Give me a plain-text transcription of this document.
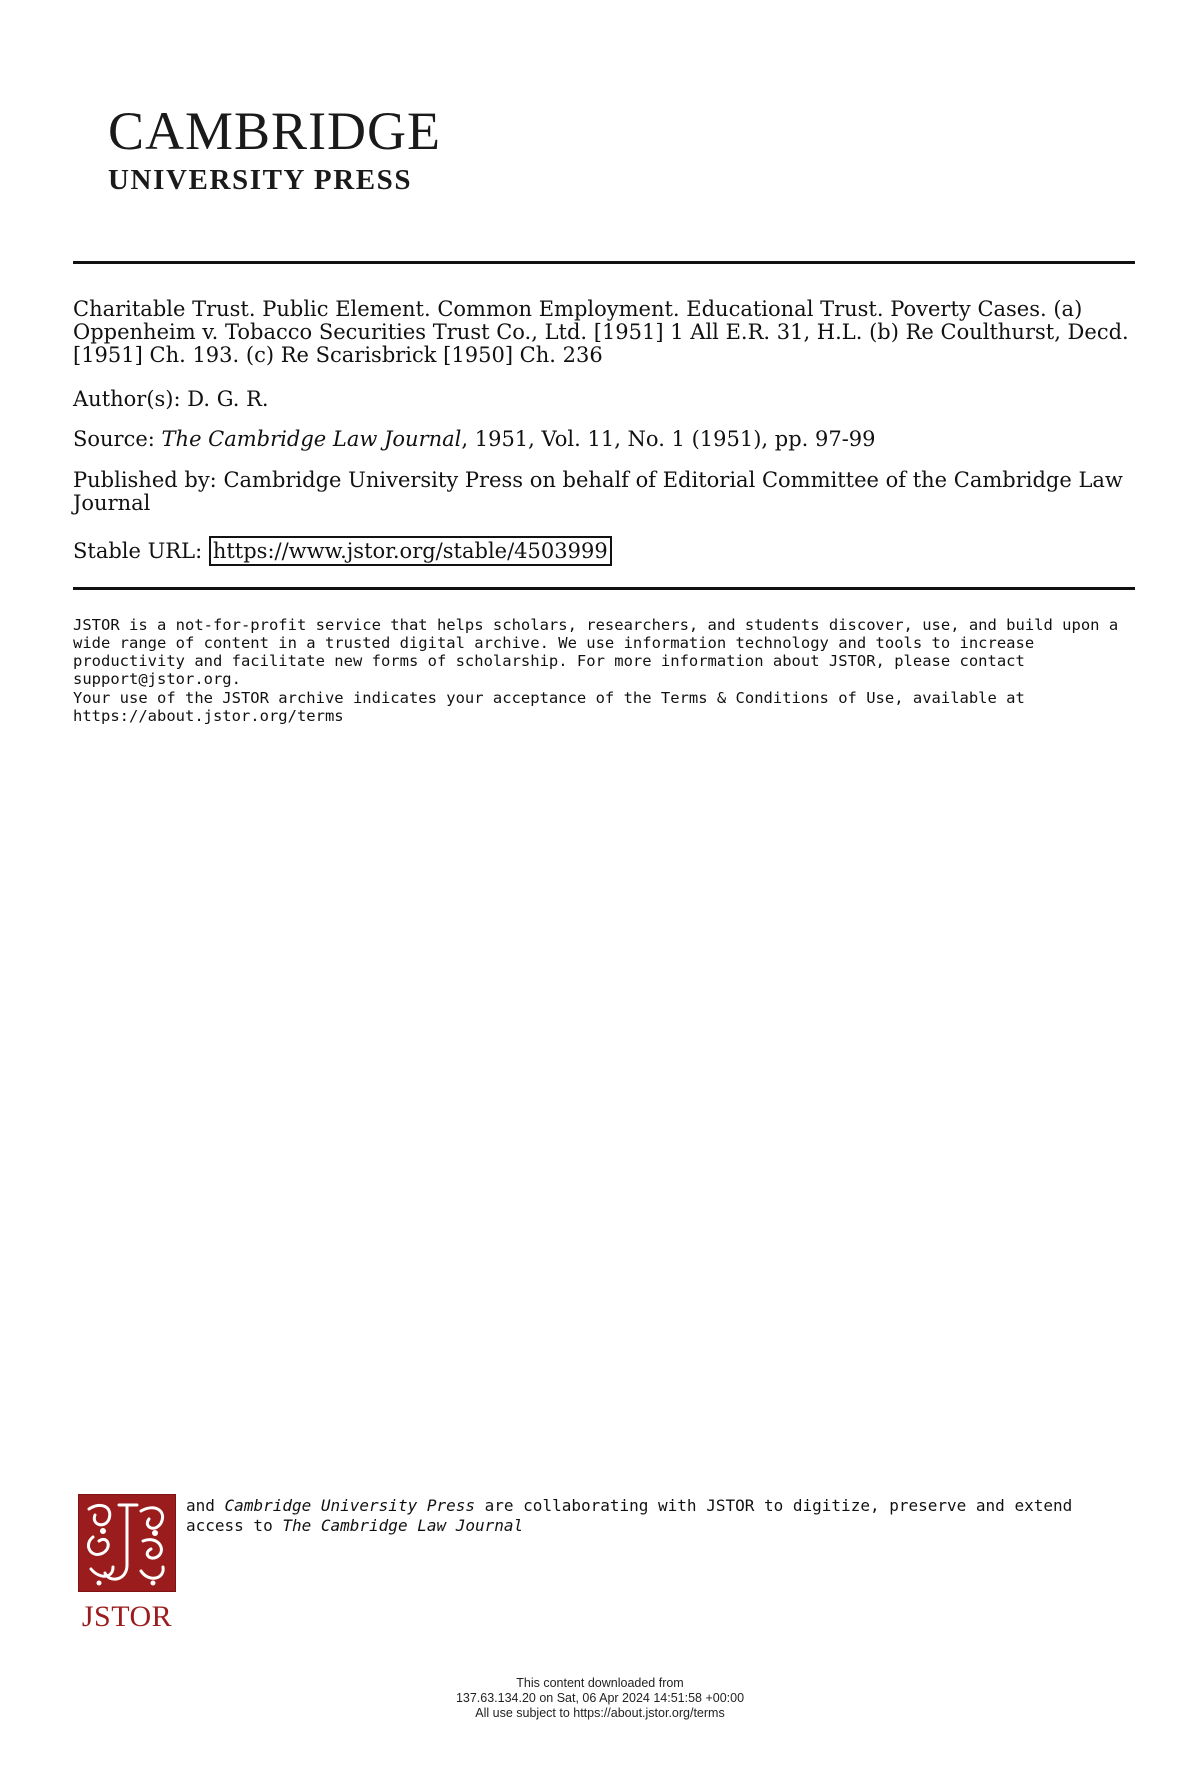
CAMBRIDGE
UNIVERSITY PRESS

Charitable Trust. Public Element. Common Employment. Educational Trust. Poverty Cases. (a) Oppenheim v. Tobacco Securities Trust Co., Ltd. [1951] 1 All E.R. 31, H.L. (b) Re Coulthurst, Decd. [1951] Ch. 193. (c) Re Scarisbrick [1950] Ch. 236

Author(s): D. G. R.
Source: The Cambridge Law Journal, 1951, Vol. 11, No. 1 (1951), pp. 97-99
Published by: Cambridge University Press on behalf of Editorial Committee of the Cambridge Law Journal
Stable URL: https://www.jstor.org/stable/4503999
JSTOR is a not-for-profit service that helps scholars, researchers, and students discover, use, and build upon a wide range of content in a trusted digital archive. We use information technology and tools to increase productivity and facilitate new forms of scholarship. For more information about JSTOR, please contact support@jstor.org.
Your use of the JSTOR archive indicates your acceptance of the Terms & Conditions of Use, available at https://about.jstor.org/terms
JSTOR
and Cambridge University Press are collaborating with JSTOR to digitize, preserve and extend access to The Cambridge Law Journal
This content downloaded from
137.63.134.20 on Sat, 06 Apr 2024 14:51:58 +00:00
All use subject to https://about.jstor.org/terms
